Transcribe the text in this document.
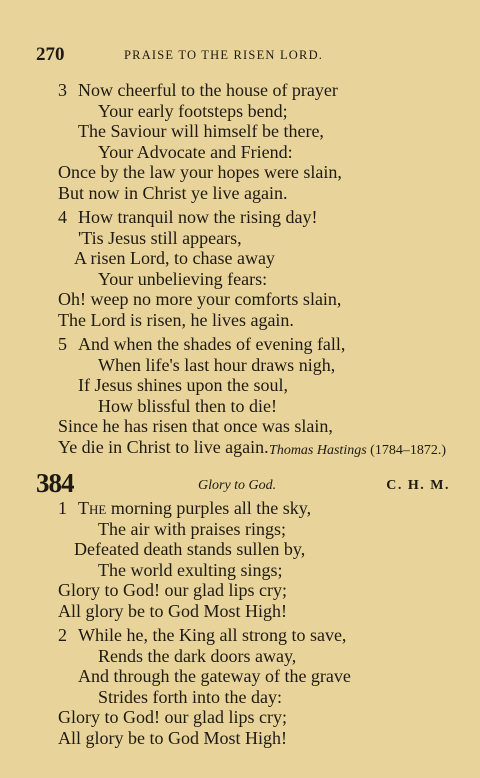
270	PRAISE TO THE RISEN LORD.
3 Now cheerful to the house of prayer
Your early footsteps bend;
The Saviour will himself be there,
Your Advocate and Friend:
Once by the law your hopes were slain,
But now in Christ ye live again.
4 How tranquil now the rising day!
'Tis Jesus still appears,
A risen Lord, to chase away
Your unbelieving fears:
Oh! weep no more your comforts slain,
The Lord is risen, he lives again.
5 And when the shades of evening fall,
When life's last hour draws nigh,
If Jesus shines upon the soul,
How blissful then to die!
Since he has risen that once was slain,
Ye die in Christ to live again. Thomas Hastings (1784–1872.)
384	Glory to God.	C. H. M.
1 The morning purples all the sky,
The air with praises rings;
Defeated death stands sullen by,
The world exulting sings;
Glory to God! our glad lips cry;
All glory be to God Most High!
2 While he, the King all strong to save,
Rends the dark doors away,
And through the gateway of the grave
Strides forth into the day:
Glory to God! our glad lips cry;
All glory be to God Most High!
